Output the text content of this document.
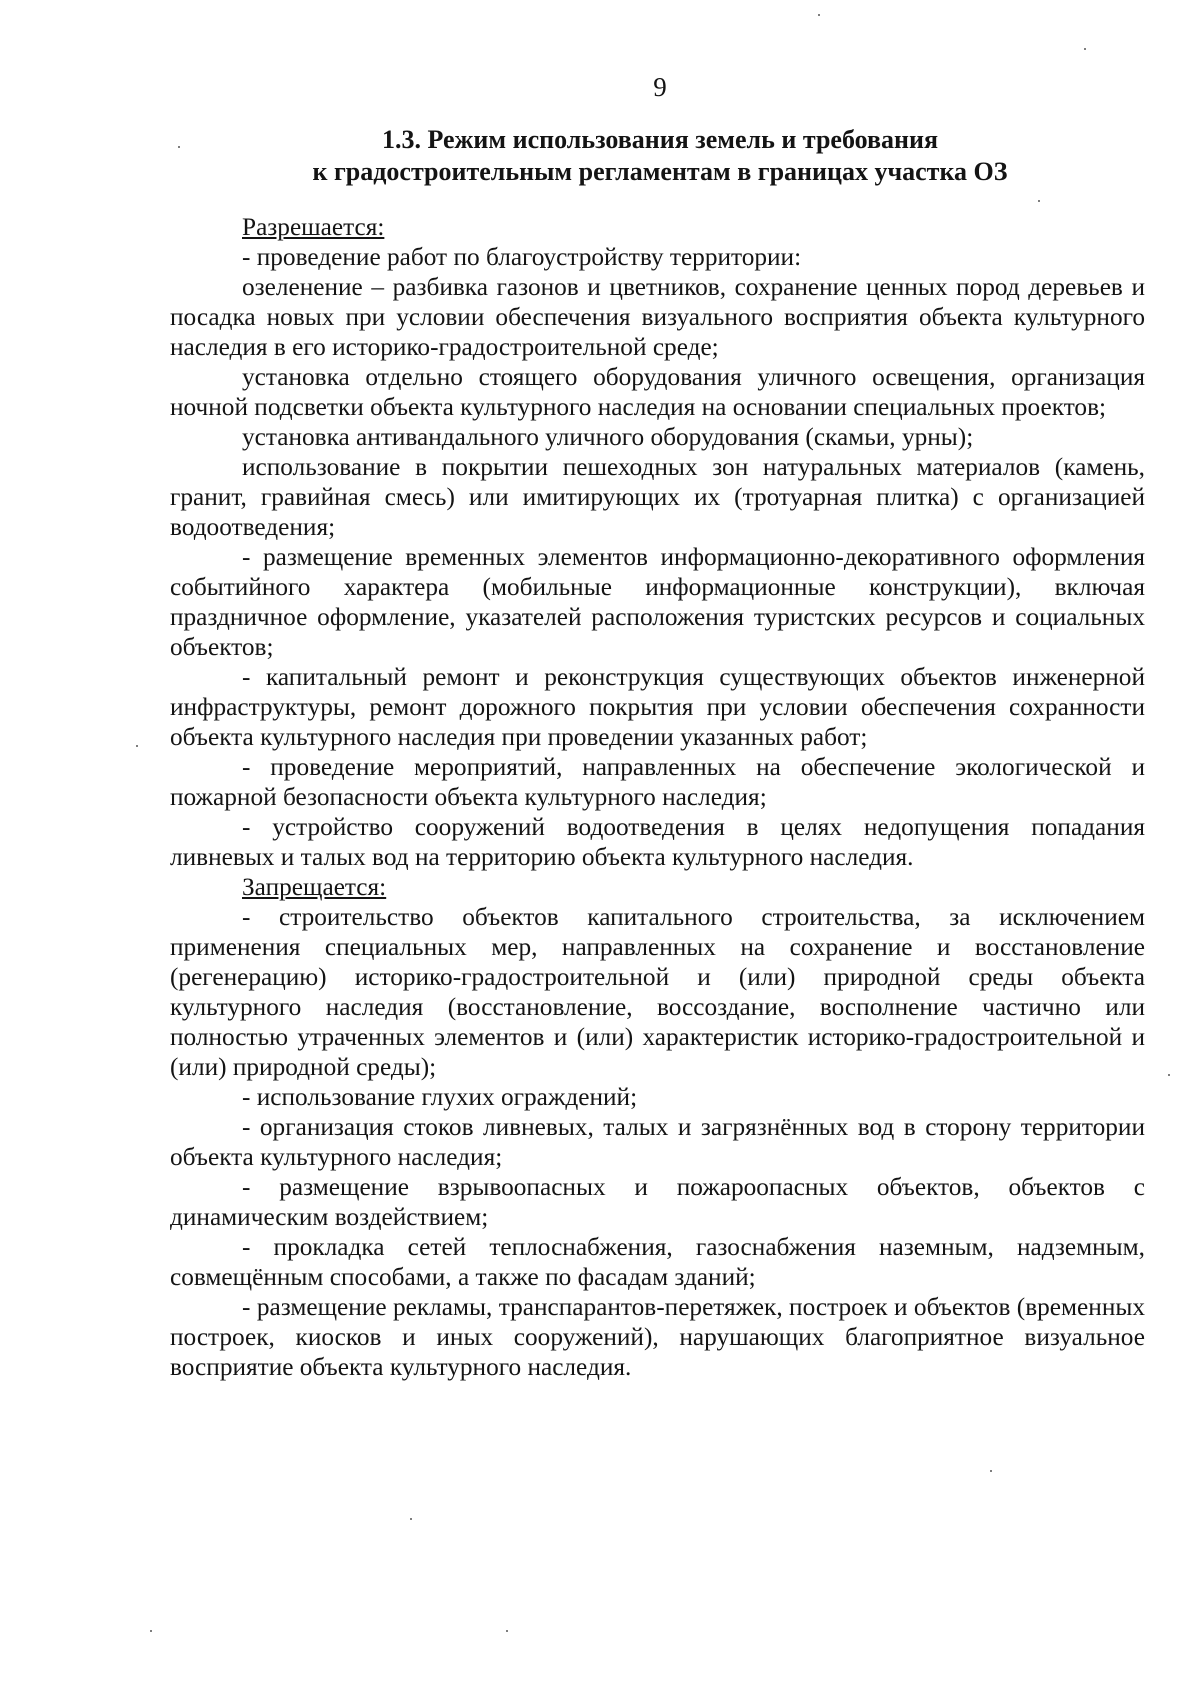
9
1.3. Режим использования земель и требования
к градостроительным регламентам в границах участка ОЗ

Разрешается:

- проведение работ по благоустройству территории:

озеленение – разбивка газонов и цветников, сохранение ценных пород деревьев и посадка новых при условии обеспечения визуального восприятия объекта культурного наследия в его историко-градостроительной среде;

установка отдельно стоящего оборудования уличного освещения, организация ночной подсветки объекта культурного наследия на основании специальных проектов;

установка антивандального уличного оборудования (скамьи, урны);

использование в покрытии пешеходных зон натуральных материалов (камень, гранит, гравийная смесь) или имитирующих их (тротуарная плитка) с организацией водоотведения;

- размещение временных элементов информационно-декоративного оформления событийного характера (мобильные информационные конструкции), включая праздничное оформление, указателей расположения туристских ресурсов и социальных объектов;

- капитальный ремонт и реконструкция существующих объектов инженерной инфраструктуры, ремонт дорожного покрытия при условии обеспечения сохранности объекта культурного наследия при проведении указанных работ;

- проведение мероприятий, направленных на обеспечение экологической и пожарной безопасности объекта культурного наследия;

- устройство сооружений водоотведения в целях недопущения попадания ливневых и талых вод на территорию объекта культурного наследия.

Запрещается:

- строительство объектов капитального строительства, за исключением применения специальных мер, направленных на сохранение и восстановление (регенерацию) историко-градостроительной и (или) природной среды объекта культурного наследия (восстановление, воссоздание, восполнение частично или полностью утраченных элементов и (или) характеристик историко-градостроительной и (или) природной среды);

- использование глухих ограждений;

- организация стоков ливневых, талых и загрязнённых вод в сторону территории объекта культурного наследия;

- размещение взрывоопасных и пожароопасных объектов, объектов с динамическим воздействием;

- прокладка сетей теплоснабжения, газоснабжения наземным, надземным, совмещённым способами, а также по фасадам зданий;

- размещение рекламы, транспарантов-перетяжек, построек и объектов (временных построек, киосков и иных сооружений), нарушающих благоприятное визуальное восприятие объекта культурного наследия.
